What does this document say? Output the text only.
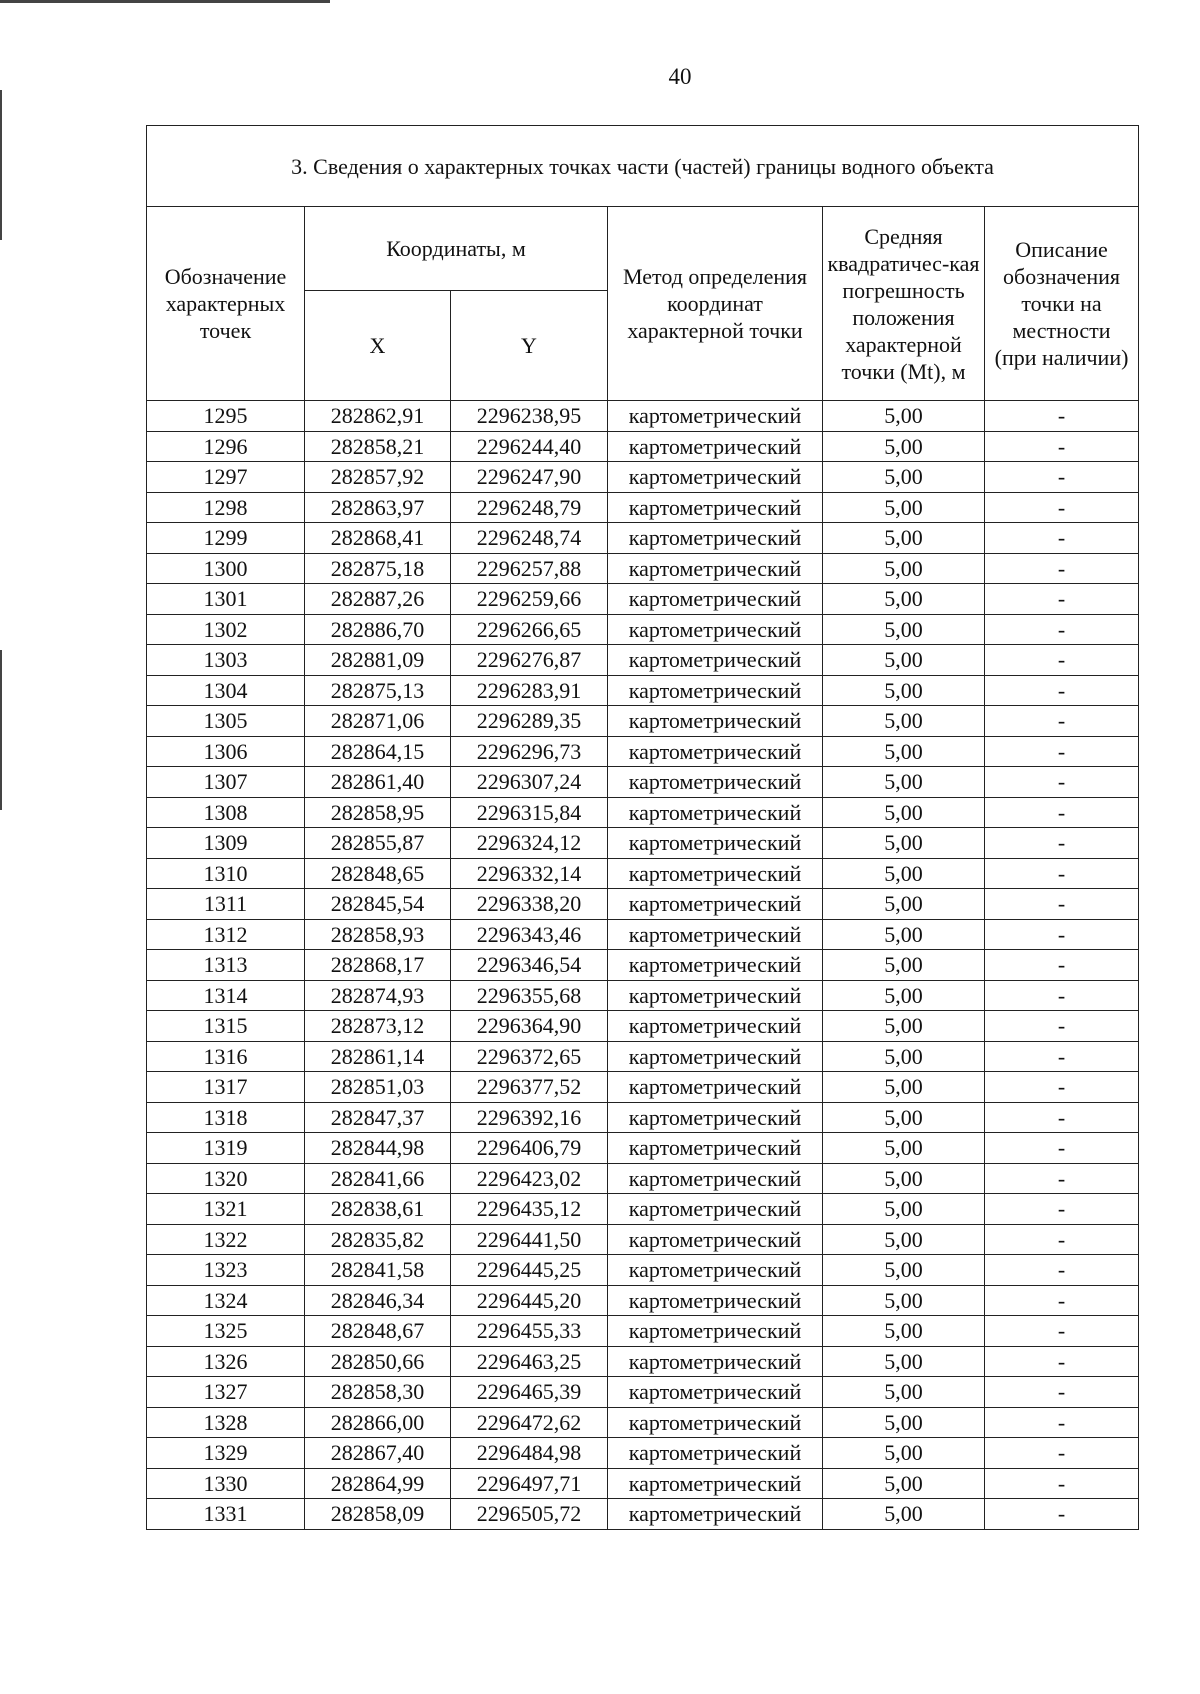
40
3. Сведения о характерных точках части (частей) границы водного объекта					
Обозначение характерных точек	Координаты, м		Метод определения координат характерной точки	Средняя квадратичес-кая погрешность положения характерной точки (Mt), м	Описание обозначения точки на местности (при наличии)
	X	Y			
1295	282862,91	2296238,95	картометрический	5,00	-
1296	282858,21	2296244,40	картометрический	5,00	-
1297	282857,92	2296247,90	картометрический	5,00	-
1298	282863,97	2296248,79	картометрический	5,00	-
1299	282868,41	2296248,74	картометрический	5,00	-
1300	282875,18	2296257,88	картометрический	5,00	-
1301	282887,26	2296259,66	картометрический	5,00	-
1302	282886,70	2296266,65	картометрический	5,00	-
1303	282881,09	2296276,87	картометрический	5,00	-
1304	282875,13	2296283,91	картометрический	5,00	-
1305	282871,06	2296289,35	картометрический	5,00	-
1306	282864,15	2296296,73	картометрический	5,00	-
1307	282861,40	2296307,24	картометрический	5,00	-
1308	282858,95	2296315,84	картометрический	5,00	-
1309	282855,87	2296324,12	картометрический	5,00	-
1310	282848,65	2296332,14	картометрический	5,00	-
1311	282845,54	2296338,20	картометрический	5,00	-
1312	282858,93	2296343,46	картометрический	5,00	-
1313	282868,17	2296346,54	картометрический	5,00	-
1314	282874,93	2296355,68	картометрический	5,00	-
1315	282873,12	2296364,90	картометрический	5,00	-
1316	282861,14	2296372,65	картометрический	5,00	-
1317	282851,03	2296377,52	картометрический	5,00	-
1318	282847,37	2296392,16	картометрический	5,00	-
1319	282844,98	2296406,79	картометрический	5,00	-
1320	282841,66	2296423,02	картометрический	5,00	-
1321	282838,61	2296435,12	картометрический	5,00	-
1322	282835,82	2296441,50	картометрический	5,00	-
1323	282841,58	2296445,25	картометрический	5,00	-
1324	282846,34	2296445,20	картометрический	5,00	-
1325	282848,67	2296455,33	картометрический	5,00	-
1326	282850,66	2296463,25	картометрический	5,00	-
1327	282858,30	2296465,39	картометрический	5,00	-
1328	282866,00	2296472,62	картометрический	5,00	-
1329	282867,40	2296484,98	картометрический	5,00	-
1330	282864,99	2296497,71	картометрический	5,00	-
1331	282858,09	2296505,72	картометрический	5,00	-
